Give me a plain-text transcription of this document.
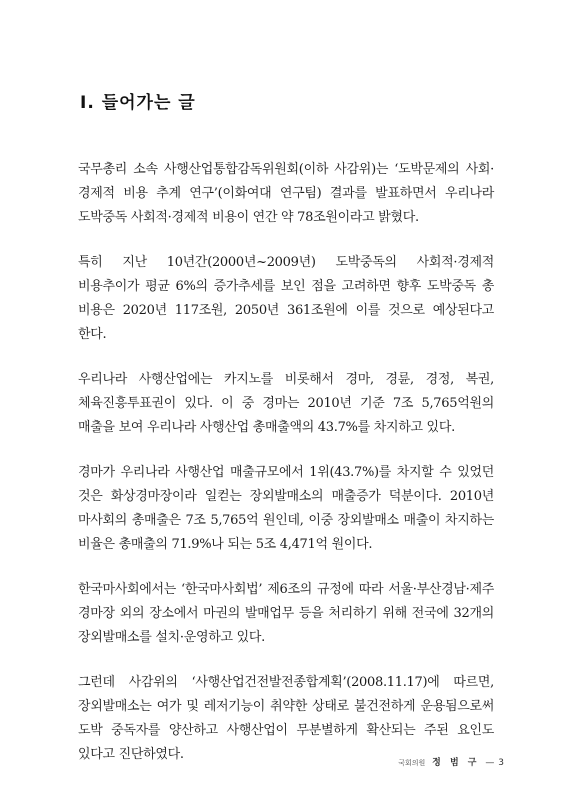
Ⅰ. 들어가는 글

국무총리 소속 사행산업통합감독위원회(이하 사감위)는 ‘도박문제의 사회·경제적 비용 추계 연구’(이화여대 연구팀) 결과를 발표하면서 우리나라 도박중독 사회적·경제적 비용이 연간 약 78조원이라고 밝혔다.

특히 지난 10년간(2000년~2009년) 도박중독의 사회적·경제적 비용추이가 평균 6%의 증가추세를 보인 점을 고려하면 향후 도박중독 총 비용은 2020년 117조원, 2050년 361조원에 이를 것으로 예상된다고 한다.

우리나라 사행산업에는 카지노를 비롯해서 경마, 경륜, 경정, 복권, 체육진흥투표권이 있다. 이 중 경마는 2010년 기준 7조 5,765억원의 매출을 보여 우리나라 사행산업 총매출액의 43.7%를 차지하고 있다.

경마가 우리나라 사행산업 매출규모에서 1위(43.7%)를 차지할 수 있었던 것은 화상경마장이라 일컫는 장외발매소의 매출증가 덕분이다. 2010년 마사회의 총매출은 7조 5,765억 원인데, 이중 장외발매소 매출이 차지하는 비율은 총매출의 71.9%나 되는 5조 4,471억 원이다.

한국마사회에서는 ‘한국마사회법’ 제6조의 규정에 따라 서울·부산경남·제주 경마장 외의 장소에서 마권의 발매업무 등을 처리하기 위해 전국에 32개의 장외발매소를 설치·운영하고 있다.

그런데 사감위의 ‘사행산업건전발전종합계획’(2008.11.17)에 따르면, 장외발매소는 여가 및 레저기능이 취약한 상태로 불건전하게 운용됨으로써 도박 중독자를 양산하고 사행산업이 무분별하게 확산되는 주된 요인도 있다고 진단하였다.

국회의원 정 범 구 — 3
